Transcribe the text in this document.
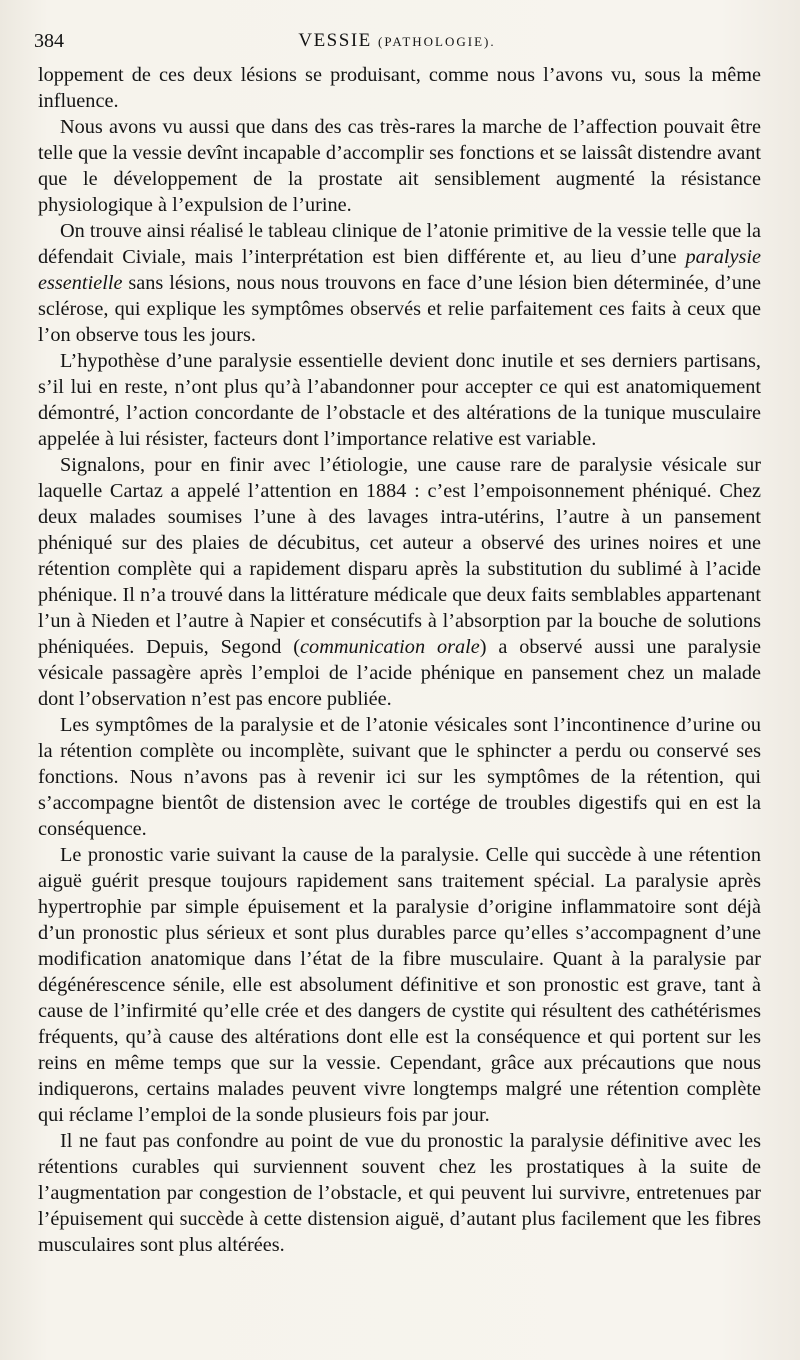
384	VESSIE (PATHOLOGIE).

loppement de ces deux lésions se produisant, comme nous l’avons vu, sous la même influence.

Nous avons vu aussi que dans des cas très-rares la marche de l’affection pouvait être telle que la vessie devînt incapable d’accomplir ses fonctions et se laissât distendre avant que le développement de la prostate ait sensiblement augmenté la résistance physiologique à l’expulsion de l’urine.

On trouve ainsi réalisé le tableau clinique de l’atonie primitive de la vessie telle que la défendait Civiale, mais l’interprétation est bien différente et, au lieu d’une paralysie essentielle sans lésions, nous nous trouvons en face d’une lésion bien déterminée, d’une sclérose, qui explique les symptômes observés et relie parfaitement ces faits à ceux que l’on observe tous les jours.

L’hypothèse d’une paralysie essentielle devient donc inutile et ses derniers partisans, s’il lui en reste, n’ont plus qu’à l’abandonner pour accepter ce qui est anatomiquement démontré, l’action concordante de l’obstacle et des altérations de la tunique musculaire appelée à lui résister, facteurs dont l’importance relative est variable.

Signalons, pour en finir avec l’étiologie, une cause rare de paralysie vésicale sur laquelle Cartaz a appelé l’attention en 1884 : c’est l’empoisonnement phéniqué. Chez deux malades soumises l’une à des lavages intra-utérins, l’autre à un pansement phéniqué sur des plaies de décubitus, cet auteur a observé des urines noires et une rétention complète qui a rapidement disparu après la substitution du sublimé à l’acide phénique. Il n’a trouvé dans la littérature médicale que deux faits semblables appartenant l’un à Nieden et l’autre à Napier et consécutifs à l’absorption par la bouche de solutions phéniquées. Depuis, Segond (communication orale) a observé aussi une paralysie vésicale passagère après l’emploi de l’acide phénique en pansement chez un malade dont l’observation n’est pas encore publiée.

Les symptômes de la paralysie et de l’atonie vésicales sont l’incontinence d’urine ou la rétention complète ou incomplète, suivant que le sphincter a perdu ou conservé ses fonctions. Nous n’avons pas à revenir ici sur les symptômes de la rétention, qui s’accompagne bientôt de distension avec le cortége de troubles digestifs qui en est la conséquence.

Le pronostic varie suivant la cause de la paralysie. Celle qui succède à une rétention aiguë guérit presque toujours rapidement sans traitement spécial. La paralysie après hypertrophie par simple épuisement et la paralysie d’origine inflammatoire sont déjà d’un pronostic plus sérieux et sont plus durables parce qu’elles s’accompagnent d’une modification anatomique dans l’état de la fibre musculaire. Quant à la paralysie par dégénérescence sénile, elle est absolument définitive et son pronostic est grave, tant à cause de l’infirmité qu’elle crée et des dangers de cystite qui résultent des cathétérismes fréquents, qu’à cause des altérations dont elle est la conséquence et qui portent sur les reins en même temps que sur la vessie. Cependant, grâce aux précautions que nous indiquerons, certains malades peuvent vivre longtemps malgré une rétention complète qui réclame l’emploi de la sonde plusieurs fois par jour.

Il ne faut pas confondre au point de vue du pronostic la paralysie définitive avec les rétentions curables qui surviennent souvent chez les prostatiques à la suite de l’augmentation par congestion de l’obstacle, et qui peuvent lui survivre, entretenues par l’épuisement qui succède à cette distension aiguë, d’autant plus facilement que les fibres musculaires sont plus altérées.
